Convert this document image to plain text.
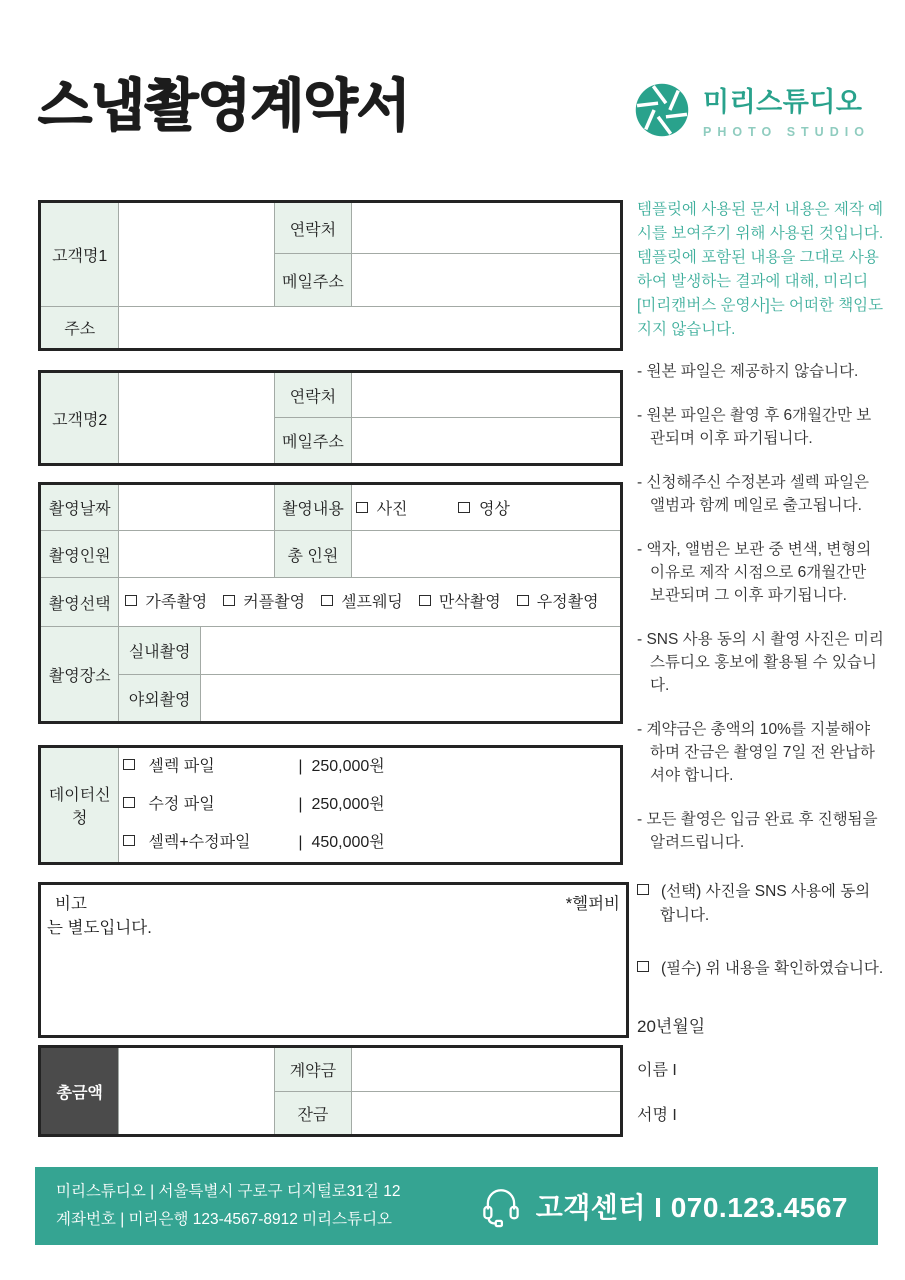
스냅촬영계약서	미리스튜디오
PHOTO STUDIO
고객명1		연락처	
		메일주소	
주소			
고객명2		연락처	
		메일주소	
촬영날짜			촬영내용	사진 영상
촬영인원			총 인원	
촬영선택	가족촬영 커플촬영 셀프웨딩 만삭촬영 우정촬영			
촬영장소	실내촬영			
	야외촬영			
데이터신청	
셀렉 파일	| 250,000원
수정 파일	| 250,000원
셀렉+수정파일	| 450,000원
비고	*헬퍼비
는 별도입니다.
총금액		계약금	
		잔금	
템플릿에 사용된 문서 내용은 제작 예시를 보여주기 위해 사용된 것입니다. 템플릿에 포함된 내용을 그대로 사용 하여 발생하는 결과에 대해, 미리디 [미리캔버스 운영사]는 어떠한 책임도 지지 않습니다.
- 원본 파일은 제공하지 않습니다.
- 원본 파일은 촬영 후 6개월간만 보관되며 이후 파기됩니다.
- 신청해주신 수정본과 셀렉 파일은 앨범과 함께 메일로 출고됩니다.
- 액자, 앨범은 보관 중 변색, 변형의 이유로 제작 시점으로 6개월간만 보관되며 그 이후 파기됩니다.
- SNS 사용 동의 시 촬영 사진은 미리 스튜디오 홍보에 활용될 수 있습니다.
- 계약금은 총액의 10%를 지불해야 하며 잔금은 촬영일 7일 전 완납하셔야 합니다.
- 모든 촬영은 입금 완료 후 진행됨을 알려드립니다.
(선택) 사진을 SNS 사용에 동의 합니다.
(필수) 위 내용을 확인하였습니다.
20년월일
이름 I
서명 I
미리스튜디오 | 서울특별시 구로구 디지털로31길 12
계좌번호 | 미리은행 123-4567-8912 미리스튜디오	고객센터 I 070.123.4567
